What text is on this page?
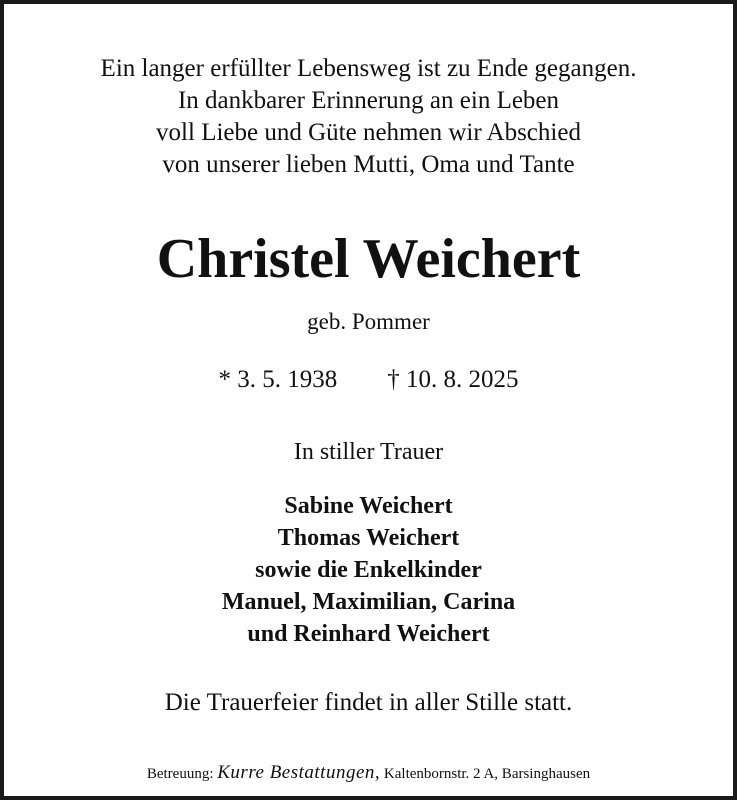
Ein langer erfüllter Lebensweg ist zu Ende gegangen.
In dankbarer Erinnerung an ein Leben
voll Liebe und Güte nehmen wir Abschied
von unserer lieben Mutti, Oma und Tante
Christel Weichert
geb. Pommer
* 3. 5. 1938 † 10. 8. 2025
In stiller Trauer
Sabine Weichert
Thomas Weichert
sowie die Enkelkinder
Manuel, Maximilian, Carina
und Reinhard Weichert
Die Trauerfeier findet in aller Stille statt.
Betreuung: Kurre Bestattungen, Kaltenbornstr. 2 A, Barsinghausen
